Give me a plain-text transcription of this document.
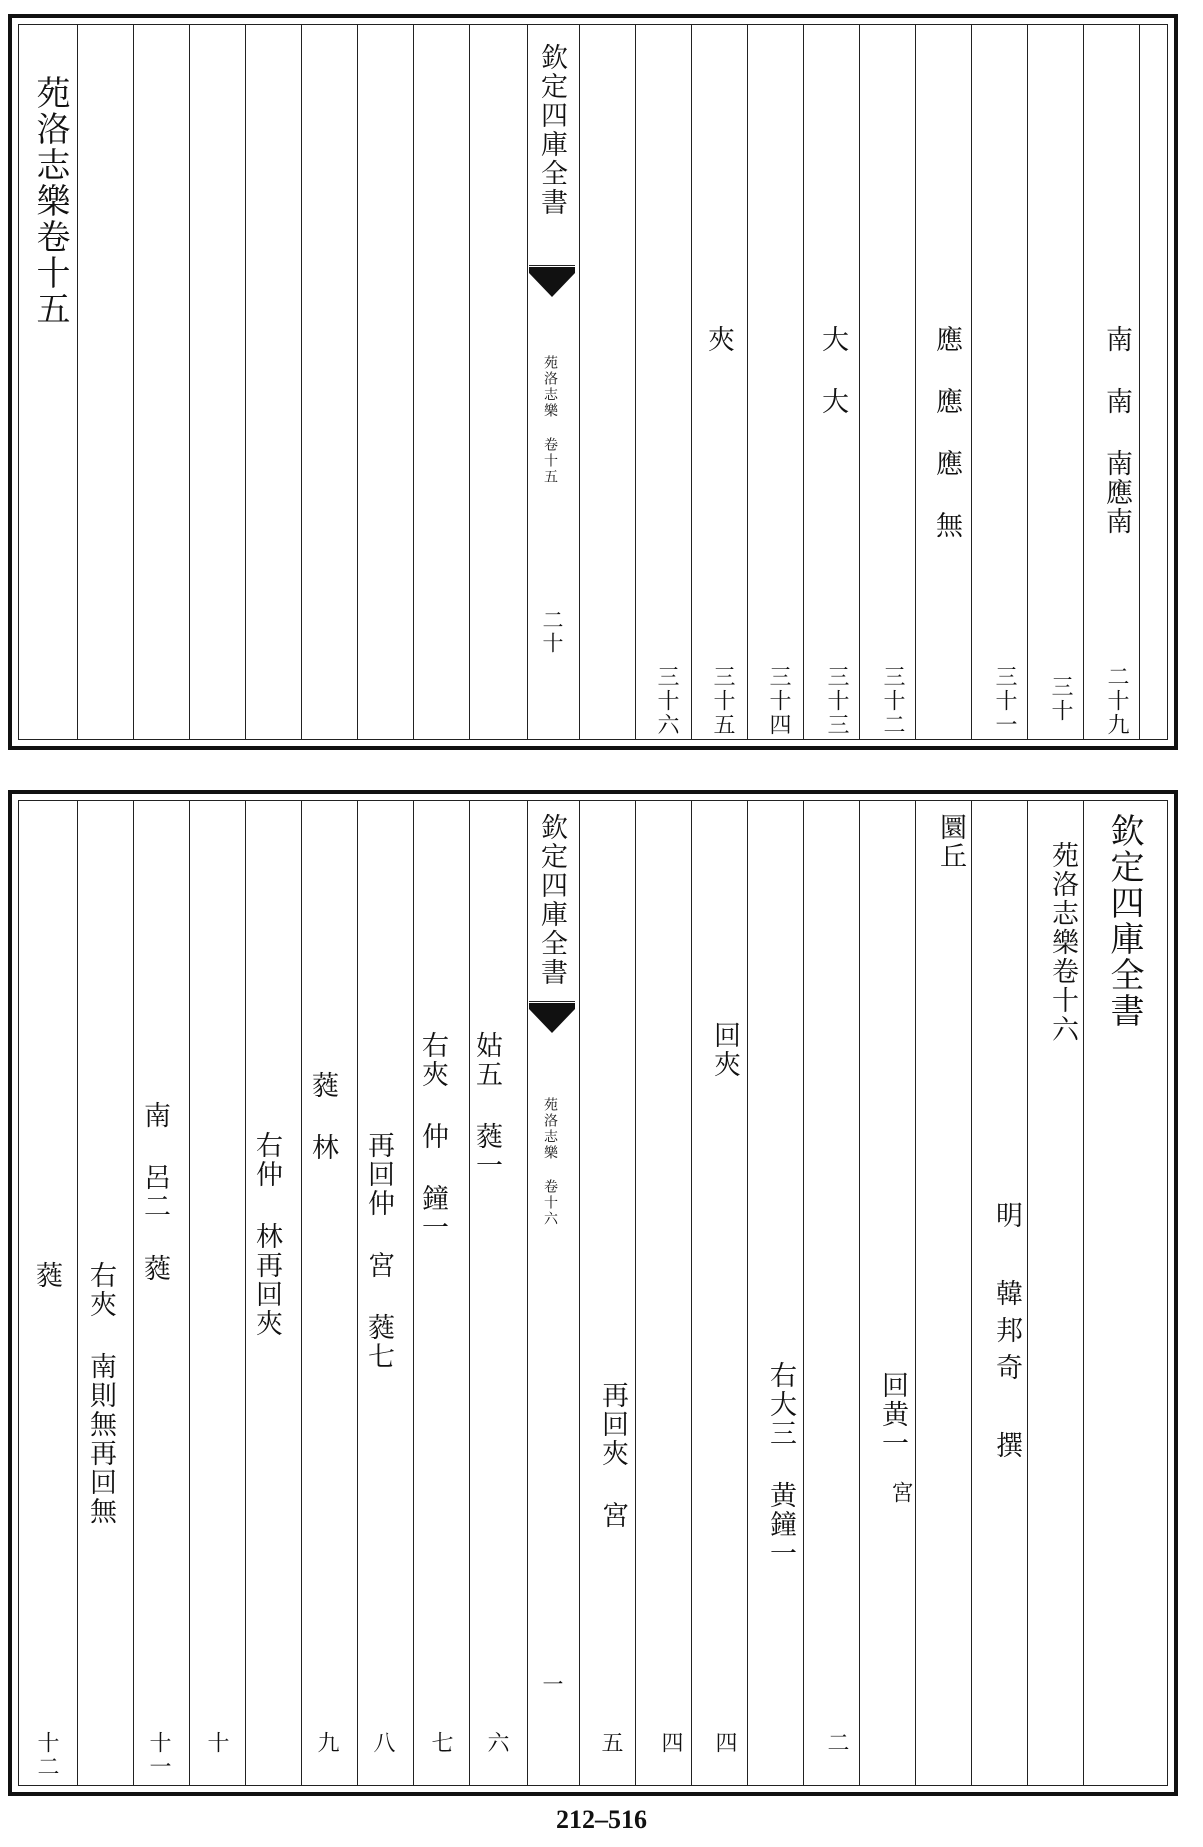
苑洛志樂卷十五	欽定四庫全書
苑洛志樂 卷十五
二十
南 南 南應南
二十九
應 應 應 無
三十
大 大
三十一
夾
三十二
三十三
三十四
三十五
三十六
欽定四庫全書
苑洛志樂卷十六
明 韓邦奇 撰
圜丘
欽定四庫全書
苑洛志樂 卷十六
一
回黄一
宮
右大三 黄鐘一
二
回夾
四
再回夾 宮
四
姑五 蕤一
五
右夾 仲 鐘一
六
再回仲 宮 蕤七
七
蕤 林
八
右仲 林再回夾
九
南 呂二 蕤
十
右夾 南則無再回無
十一
蕤
十二
212–516
